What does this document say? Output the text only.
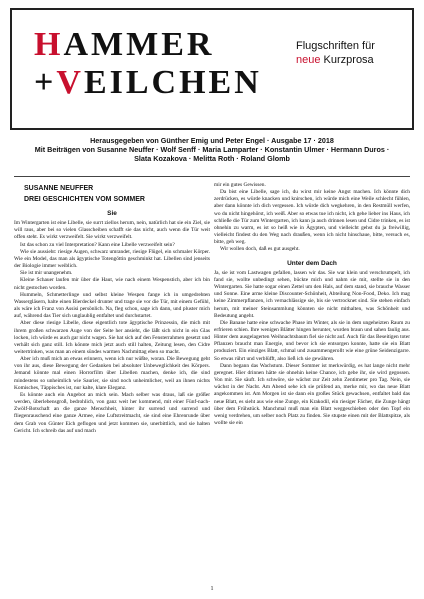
HAMMER
+VEILCHEN
Flugschriften für
neue Kurzprosa
Herausgegeben von Günther Emig und Peter Engel · Ausgabe 17 · 2018
Mit Beiträgen von Susanne Neuffer · Wolf Senff · Maria Lamparter · Konstantin Ulmer · Hermann Duros ·
Slata Kozakova · Melitta Roth · Roland Glomb
SUSANNE NEUFFER
DREI GESCHICHTEN VOM SOMMER
Sie

Im Wintergarten ist eine Libelle, sie surrt ziellos herum, nein, natürlich hat sie ein Ziel, sie will raus, aber bei so vielen Glasscheiben schafft sie das nicht, auch wenn die Tür weit offen steht. Es wirkt verzweifelt. Sie wirkt verzweifelt.

Ist das schon zu viel Interpretation? Kann eine Libelle verzweifelt sein?

Wie sie aussieht: riesige Augen, schwarz umrandet, riesige Flügel, ein schmaler Körper. Wie ein Model, das man als ägyptische Totengöttin geschminkt hat. Libellen sind jenseits der Biologie immer weiblich.

Sie ist mir unangenehm.

Kleine Schauer laufen mir über die Haut, wie nach einem Wespenstich, aber ich bin nicht gestochen worden.

Hummeln, Schmetterlinge und selbst kleine Wespen fange ich in umgedrehten Wassergläsern, halte einen Bierdeckel drunter und trage sie vor die Tür, mit einem Gefühl, als wäre ich Franz von Assisi persönlich. Na, fleg schon, sage ich dann, und pluster mich auf, während das Tier sich unglaublig entfaltet und durchstartet.

Aber diese riesige Libelle, diese eigentlich tote ägyptische Prinzessin, die mich mit ihrem großen schwarzen Auge von der Seite her ansieht, die läßt sich nicht in ein Glas locken, ich würde es auch gar nicht wagen. Sie hat sich auf den Fensterrahmen gesetzt und verhält sich ganz still. Ich könnte mich jetzt auch still halten, Zeitung lesen, den Cidre weitertrinken, was man an einem sündes warmen Nachmittag eben so macht.

Aber ich muß mich an etwas erinnern, wenn ich nur wüßte, woran. Die Bewegung geht von ihr aus, diese Bewegung der Gedanken bei absoluter Unbeweglichkeit des Körpers. Jemand könnte mal einen Horrorfilm über Libellen machen, denke ich, die sind mindestens so unheimlich wie Saurier, sie sind noch unheimlicher, weil an ihnen nichts Komisches, Täppisches ist, nur kalte, klare Eleganz.

Es könnte auch ein Angebot an mich sein. Mach selber was draus, laß sie größer werden, überlebensgroß, bedrohlich, von ganz weit her kommend, mit einer Fünf-nach-Zwölf-Botschaft an die ganze Menschheit, hinter ihr surrend und surrend und fliegenrauschend eine ganze Armee, eine Luftstreitmacht, sie sind eine Ehrenrunde über dem Grab von Günter Eich geflogen und jetzt kommen sie, unerbittlich, und sie halten Gericht. Ich schreib das auf und mach

mir ein gutes Gewissen.

Da bist eine Libelle, sage ich, du wirst mir keine Angst machen. Ich könnte dich zerdrücken, es würde knacken und knirschen, ich würde mich eine Weile schlecht fühlen, aber dann könnte ich dich vergessen. Ich würde dich wegkehren, in den Restmüll werfen, wo du nicht hingehörst, ich weiß. Aber so etwas tue ich nicht, ich gehe lieber ins Haus, ich schließe die Tür zum Wintergarten, ich kann ja auch drinnen lesen und Cidre trinken, es ist ohnehin zu warm, es ist so heiß wie in Ägypten, und vielleicht gehst du ja freiwillig, vielleicht findest du den Weg nach draußen, wenn ich nicht hinschaue, bitte, versuch es, bitte, geh weg.

Wir wollen doch, daß es gut ausgeht.

Unter dem Dach

Ja, sie ist vom Lastwagen gefallen, lassen wir das. Sie war klein und verschrumpelt, ich fand sie, wollte unbedingt sehen, bückte mich und nahm sie mit, stellte sie in den Wintergarten. Sie hatte sogar einen Zettel um den Hals, auf dem stand, sie brauche Wasser und Sonne. Eine arme kleine Discounter-Schönheit, Abteilung Non-Food, Deko. Ich mag keine Zimmerpflanzen, ich vernachlässige sie, bis sie vertrocknet sind. Sie stehen einfach herum, mit meiner Steinsammlung könnten sie nicht mithalten, was Schönheit und Bedeutung angeht.

Die Banane hatte eine schwache Phase im Winter, als sie in dem ungeheizten Raum zu erfrieren schien. Ihre wenigen Blätter hingen herunter, wurden braun und sahen faulig aus. Hinter dem ausgelagerten Weihnachtsbaum fiel sie nicht auf. Auch für das Beseitigen toter Pflanzen braucht man Energie, und bevor ich sie entsorgen konnte, hatte sie ein Blatt produziert. Ein einziges Blatt, schmal und zusammengerollt wie eine grüne Seidenzigarre. So etwas rührt und verblüfft, also ließ ich sie gewähren.

Dann begann das Wachstum. Dieser Sommer ist merkwürdig, es hat lange nicht mehr geregnet. Hier drinnen hätte sie ohnehin keine Chance, ich gebe ihr, sie wird gegossen. Von mir. Sie säuft. Ich schwöre, sie wächst zur Zeit zehn Zentimeter pro Tag. Nein, sie wächst in der Nacht. Am Abend sehe ich sie prüfend an, merke mir, wo das neue Blatt angekommen ist. Am Morgen ist sie dann ein großes Stück gewachsen, entfaltet bald das neue Blatt, es sieht aus wie eine Zunge, ein Krakodil, ein riesiger Fächer, die Zunge hängt über dem Frühstück. Manchmal muß man ein Blatt weggeschieben oder den Topf ein wenig verdrehen, um selber noch Platz zu finden. Sie stupste einen mit der Blattspitze, als wollte sie ein

1
